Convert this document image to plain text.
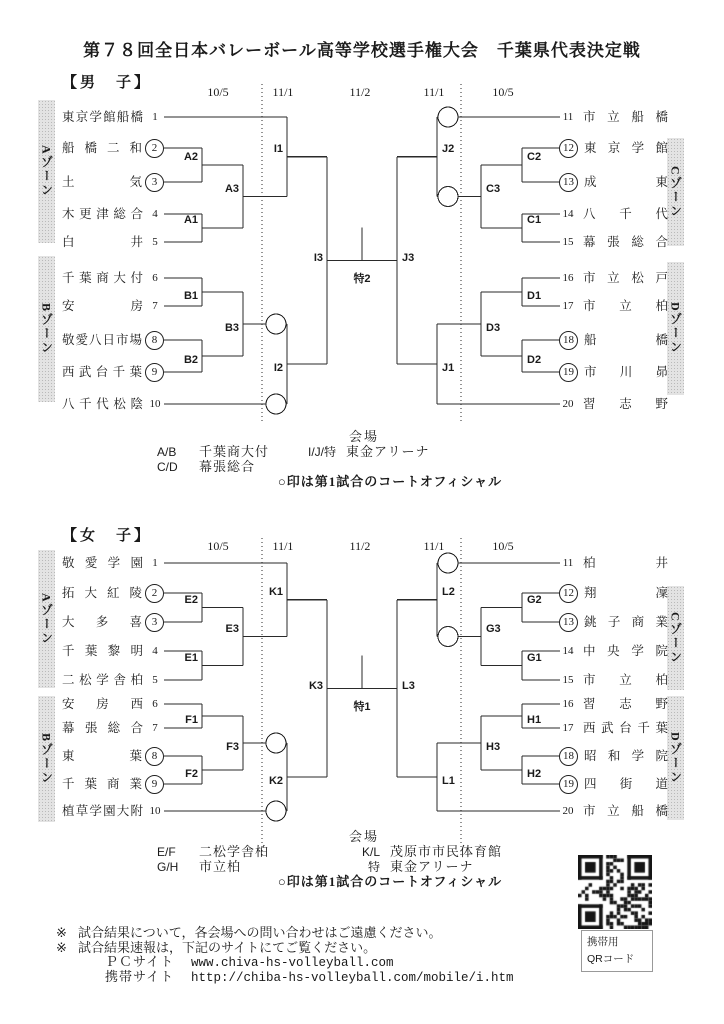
第７８回全日本バレーボール高等学校選手権大会　千葉県代表決定戦
【男　子】
10/5	11/1	11/2	11/1	10/5
Aゾーン
Bゾーン
Cゾーン
Dゾーン
東京学館船橋 1
船橋二和 2
土気 3
木更津総合 4
白井 5
千葉商大付 6
安房 7
敬愛八日市場 8
西武台千葉 9
八千代松陰 10
11 市立船橋
12 東京学館
13 成東
14 八千代
15 幕張総合
16 市立松戸
17 市立柏
18 船橋
19 市川昴
20 習志野
A2
A1
A3
B1
B2
B3
I1
I2
I3
C2
C1
C3
D1
D2
D3
J2
J1
J3
特2
会場
A/B 千葉商大付
C/D 幕張総合
I/J/特 東金アリーナ
○印は第1試合のコートオフィシャル
【女　子】
10/5	11/1	11/2	11/1	10/5
Aゾーン
Bゾーン
Cゾーン
Dゾーン
敬愛学園 1
拓大紅陵 2
大多喜 3
千葉黎明 4
二松学舎柏 5
安房西 6
幕張総合 7
東葉 8
千葉商業 9
植草学園大附 10
11 柏井
12 翔凜
13 銚子商業
14 中央学院
15 市立柏
16 習志野
17 西武台千葉
18 昭和学院
19 四街道
20 市立船橋
E2
E1
E3
F1
F2
F3
K1
K2
K3
G2
G1
G3
H1
H2
H3
L2
L1
L3
特1
会場
E/F 二松学舎柏
G/H 市立柏
K/L 茂原市市民体育館
特 東金アリーナ
○印は第1試合のコートオフィシャル
※ 試合結果について，各会場への問い合わせはご遠慮ください。
※ 試合結果速報は，下記のサイトにてご覧ください。
ＰＣサイト www.chiva-hs-volleyball.com
携帯サイト http://chiba-hs-volleyball.com/mobile/i.htm
携帯用
QRコード
